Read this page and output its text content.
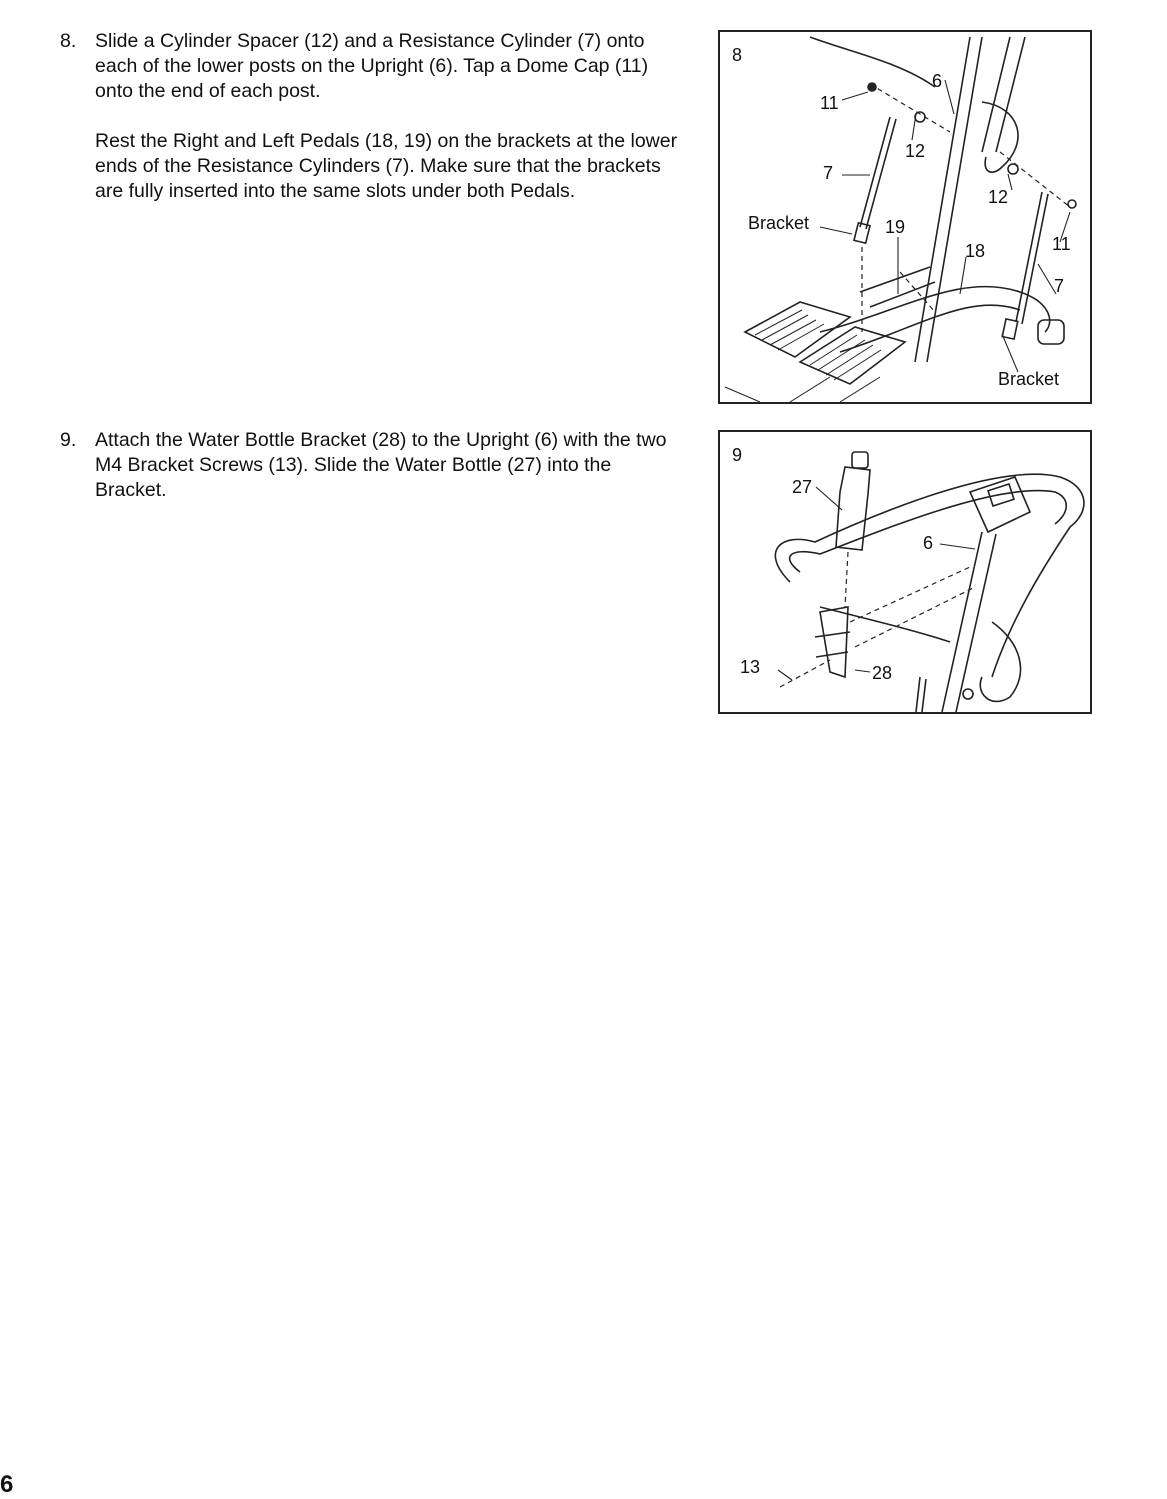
8. Slide a Cylinder Spacer (12) and a Resistance Cylinder (7) onto each of the lower posts on the Upright (6). Tap a Dome Cap (11) onto the end of each post.

Rest the Right and Left Pedals (18, 19) on the brackets at the lower ends of the Resistance Cylinders (7). Make sure that the brackets are fully inserted into the same slots under both Pedals.

9. Attach the Water Bottle Bracket (28) to the Upright (6) with the two M4 Bracket Screws (13). Slide the Water Bottle (27) into the Bracket.

8
11
6
12
7
12
11
Bracket	19
18
7
Bracket
9
27
6
13	28
6
